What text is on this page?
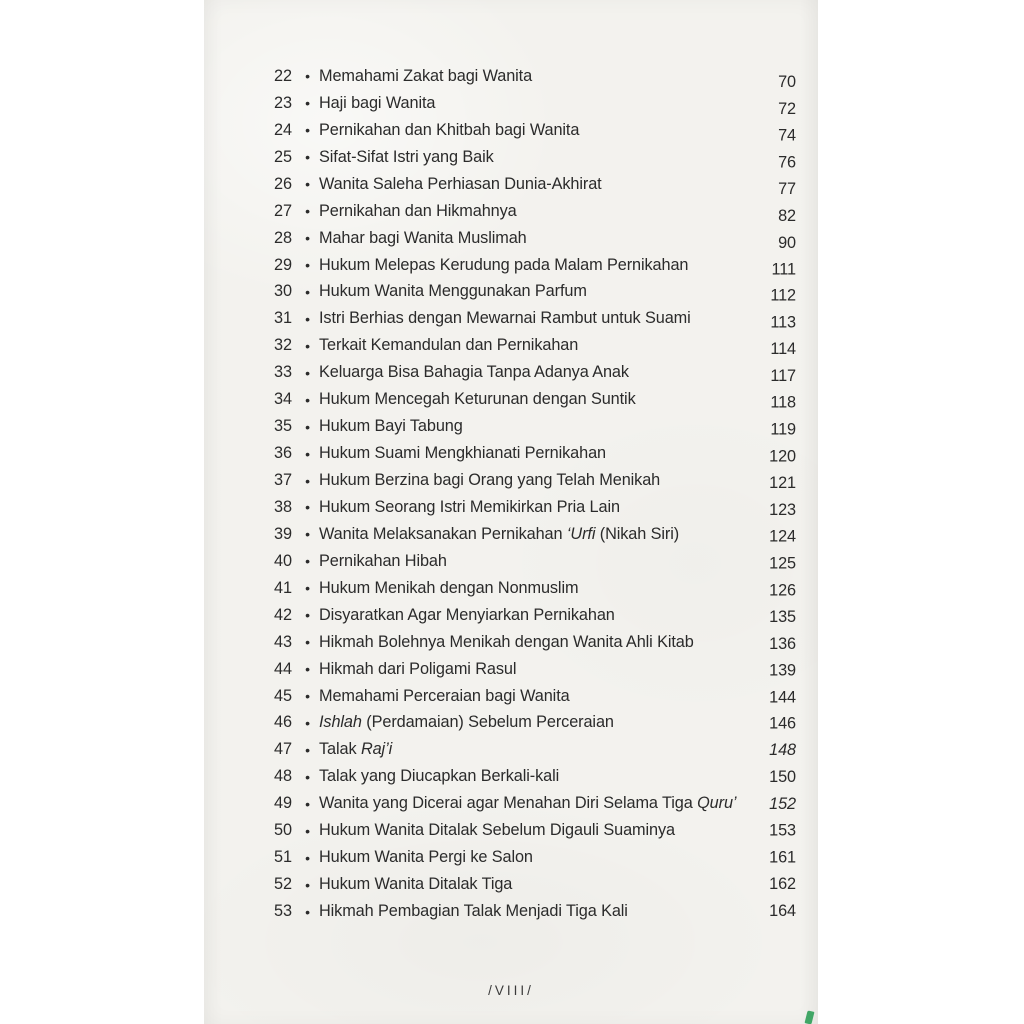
22 • Memahami Zakat bagi Wanita	70
23 • Haji bagi Wanita	72
24 • Pernikahan dan Khitbah bagi Wanita	74
25 • Sifat-Sifat Istri yang Baik	76
26 • Wanita Saleha Perhiasan Dunia-Akhirat	77
27 • Pernikahan dan Hikmahnya	82
28 • Mahar bagi Wanita Muslimah	90
29 • Hukum Melepas Kerudung pada Malam Pernikahan	111
30 • Hukum Wanita Menggunakan Parfum	112
31 • Istri Berhias dengan Mewarnai Rambut untuk Suami	113
32 • Terkait Kemandulan dan Pernikahan	114
33 • Keluarga Bisa Bahagia Tanpa Adanya Anak	117
34 • Hukum Mencegah Keturunan dengan Suntik	118
35 • Hukum Bayi Tabung	119
36 • Hukum Suami Mengkhianati Pernikahan	120
37 • Hukum Berzina bagi Orang yang Telah Menikah	121
38 • Hukum Seorang Istri Memikirkan Pria Lain	123
39 • Wanita Melaksanakan Pernikahan ‘Urfi (Nikah Siri)	124
40 • Pernikahan Hibah	125
41 • Hukum Menikah dengan Nonmuslim	126
42 • Disyaratkan Agar Menyiarkan Pernikahan	135
43 • Hikmah Bolehnya Menikah dengan Wanita Ahli Kitab	136
44 • Hikmah dari Poligami Rasul	139
45 • Memahami Perceraian bagi Wanita	144
46 • Ishlah (Perdamaian) Sebelum Perceraian	146
47 • Talak Raj’i	148
48 • Talak yang Diucapkan Berkali-kali	150
49 • Wanita yang Dicerai agar Menahan Diri Selama Tiga Quru’	152
50 • Hukum Wanita Ditalak Sebelum Digauli Suaminya	153
51 • Hukum Wanita Pergi ke Salon	161
52 • Hukum Wanita Ditalak Tiga	162
53 • Hikmah Pembagian Talak Menjadi Tiga Kali	164
/VIII/
